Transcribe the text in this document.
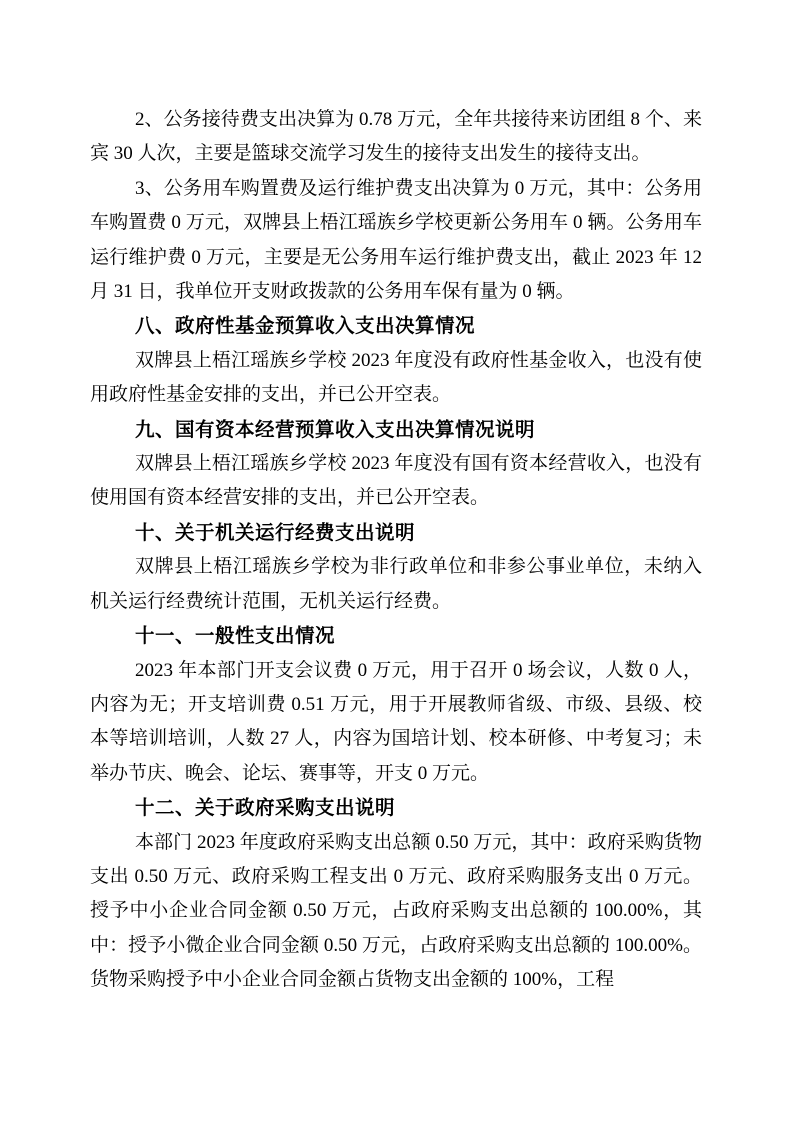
2、公务接待费支出决算为 0.78 万元，全年共接待来访团组 8 个、来宾 30 人次，主要是篮球交流学习发生的接待支出发生的接待支出。

3、公务用车购置费及运行维护费支出决算为 0 万元，其中：公务用车购置费 0 万元，双牌县上梧江瑶族乡学校更新公务用车 0 辆。公务用车运行维护费 0 万元，主要是无公务用车运行维护费支出，截止 2023 年 12 月 31 日，我单位开支财政拨款的公务用车保有量为 0 辆。

八、政府性基金预算收入支出决算情况

双牌县上梧江瑶族乡学校 2023 年度没有政府性基金收入，也没有使用政府性基金安排的支出，并已公开空表。

九、国有资本经营预算收入支出决算情况说明

双牌县上梧江瑶族乡学校 2023 年度没有国有资本经营收入，也没有使用国有资本经营安排的支出，并已公开空表。

十、关于机关运行经费支出说明

双牌县上梧江瑶族乡学校为非行政单位和非参公事业单位，未纳入机关运行经费统计范围，无机关运行经费。

十一、一般性支出情况

2023 年本部门开支会议费 0 万元，用于召开 0 场会议，人数 0 人，内容为无；开支培训费 0.51 万元，用于开展教师省级、市级、县级、校本等培训培训，人数 27 人，内容为国培计划、校本研修、中考复习；未举办节庆、晚会、论坛、赛事等，开支 0 万元。

十二、关于政府采购支出说明

本部门 2023 年度政府采购支出总额 0.50 万元，其中：政府采购货物支出 0.50 万元、政府采购工程支出 0 万元、政府采购服务支出 0 万元。授予中小企业合同金额 0.50 万元，占政府采购支出总额的 100.00%，其中：授予小微企业合同金额 0.50 万元，占政府采购支出总额的 100.00%。货物采购授予中小企业合同金额占货物支出金额的 100%，工程
